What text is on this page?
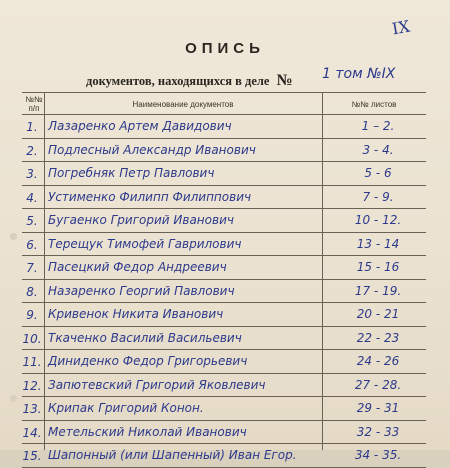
IX
ОПИСЬ
документов, находящихся в деле № 1 том №IX
№№ п/п	Наименование документов	№№ листов
1. Лазаренко Артем Давидович	1 – 2.
2. Подлесный Александр Иванович	3 - 4.
3. Погребняк Петр Павлович	5 - 6
4. Устименко Филипп Филиппович	7 - 9.
5. Бугаенко Григорий Иванович	10 - 12.
6. Терещук Тимофей Гаврилович	13 - 14
7. Пасецкий Федор Андреевич	15 - 16
8. Назаренко Георгий Павлович	17 - 19.
9. Кривенок Никита Иванович	20 - 21
10. Ткаченко Василий Васильевич	22 - 23
11. Диниденко Федор Григорьевич	24 - 26
12. Запютевский Григорий Яковлевич	27 - 28.
13. Крипак Григорий Конон.	29 - 31
14. Метельский Николай Иванович	32 - 33
15. Шапонный (или Шапенный) Иван Егор.	34 - 35.
